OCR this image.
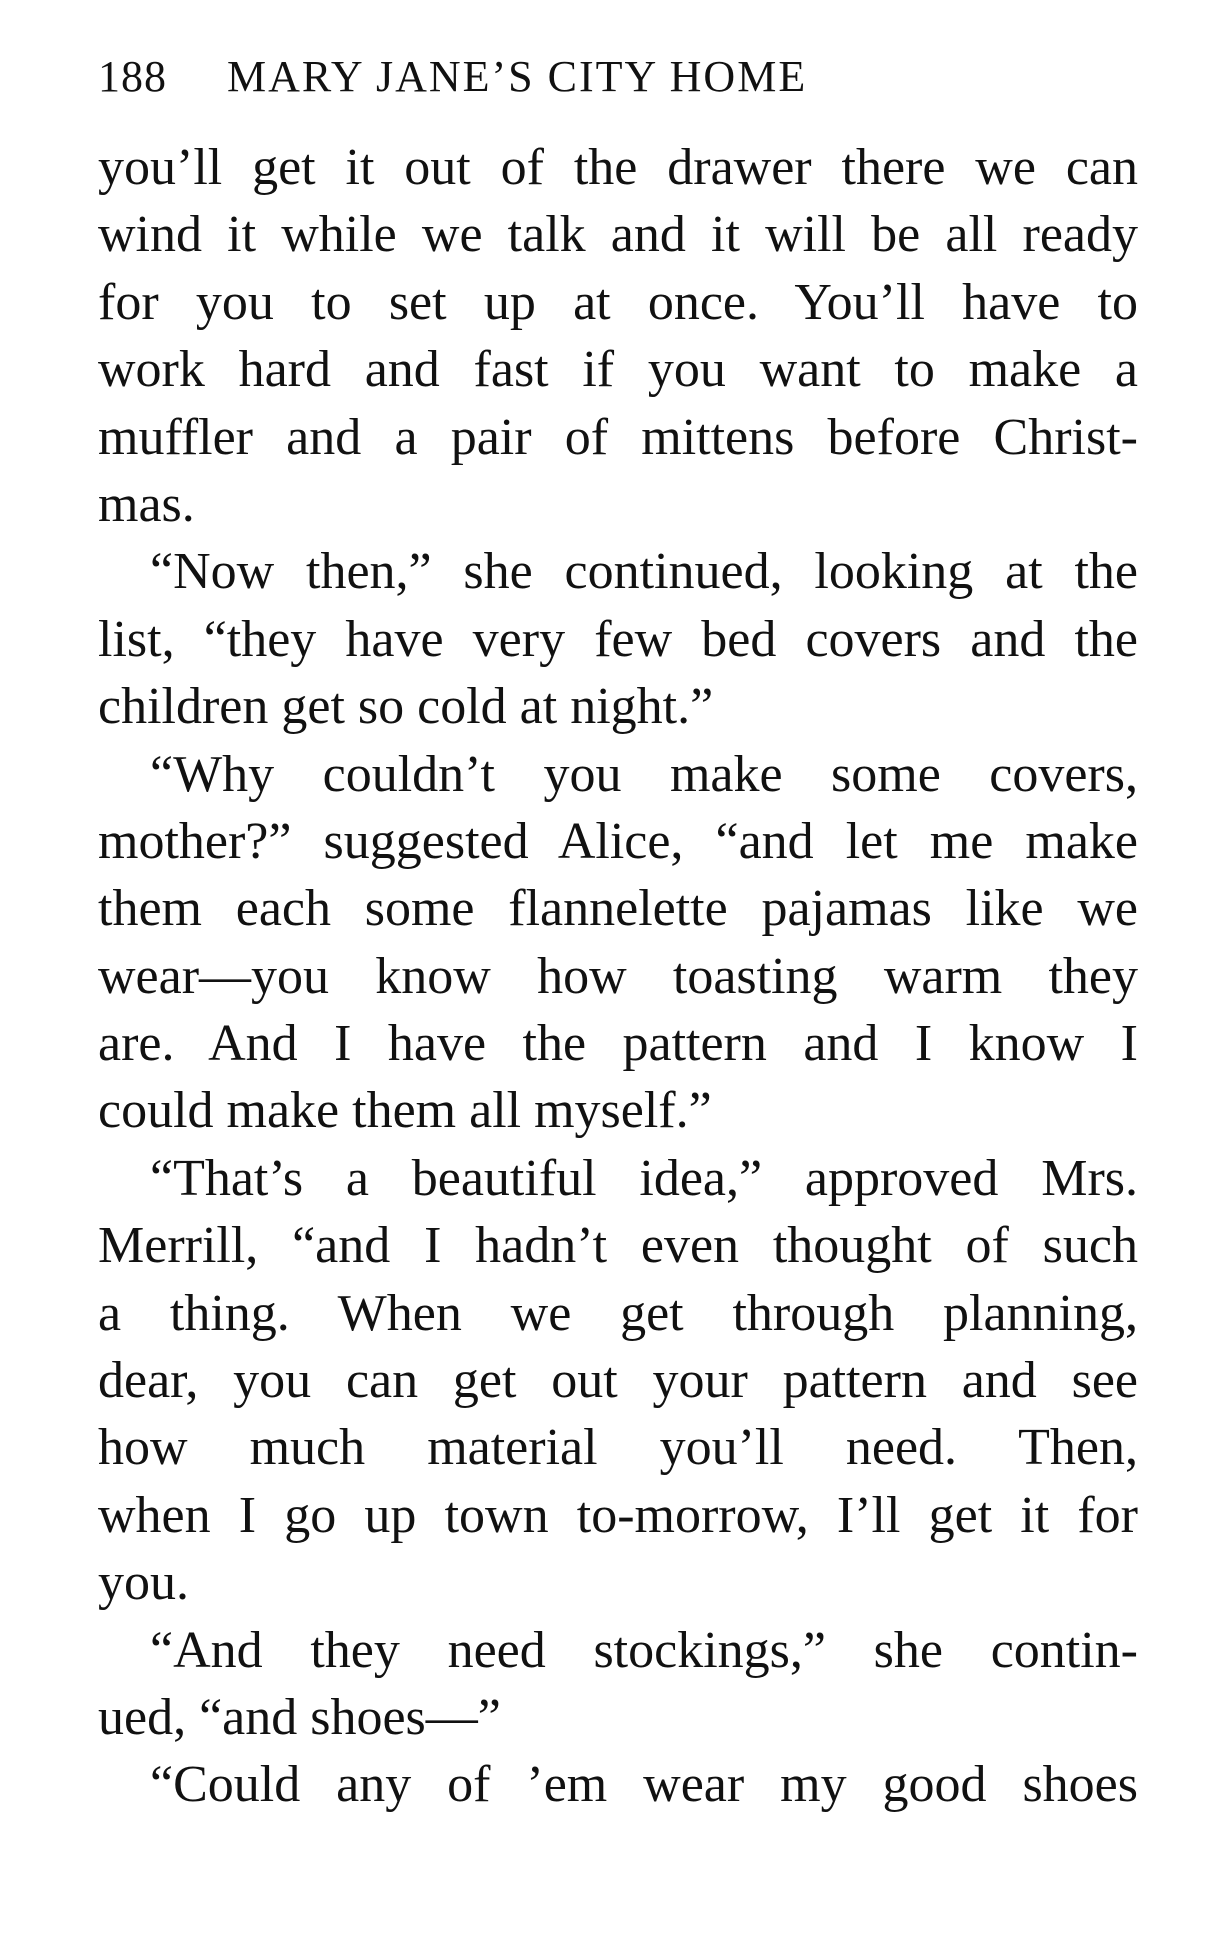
188 MARY JANE’S CITY HOME
you’ll get it out of the drawer there we can
wind it while we talk and it will be all ready
for you to set up at once. You’ll have to
work hard and fast if you want to make a
muffler and a pair of mittens before Christ-
mas.
“Now then,” she continued, looking at the
list, “they have very few bed covers and the
children get so cold at night.”
“Why couldn’t you make some covers,
mother?” suggested Alice, “and let me make
them each some flannelette pajamas like we
wear—you know how toasting warm they
are. And I have the pattern and I know I
could make them all myself.”
“That’s a beautiful idea,” approved Mrs.
Merrill, “and I hadn’t even thought of such
a thing. When we get through planning,
dear, you can get out your pattern and see
how much material you’ll need. Then,
when I go up town to-morrow, I’ll get it for
you.
“And they need stockings,” she contin-
ued, “and shoes—”
“Could any of ’em wear my good shoes
